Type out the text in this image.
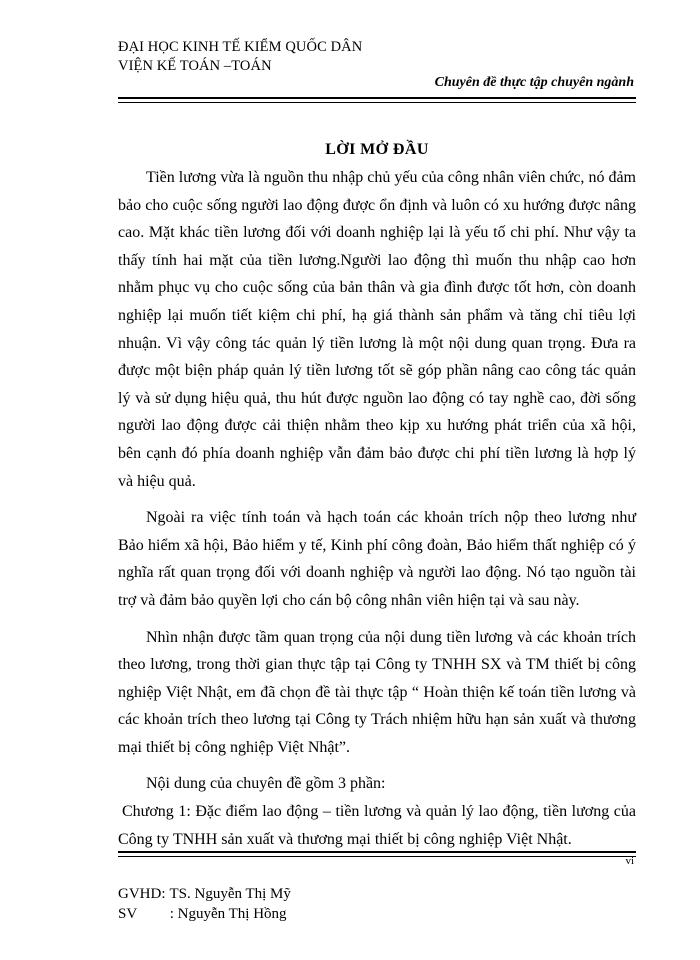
ĐẠI HỌC KINH TẾ KIỂM QUỐC DÂN
VIỆN KẾ TOÁN –TOÁN
Chuyên đề thực tập chuyên ngành
LỜI MỞ ĐẦU

Tiền lương vừa là nguồn thu nhập chủ yếu của công nhân viên chức, nó đảm bảo cho cuộc sống người lao động được ổn định và luôn có xu hướng được nâng cao. Mặt khác tiền lương đối với doanh nghiệp lại là yếu tố chi phí. Như vậy ta thấy tính hai mặt của tiền lương.Người lao động thì muốn thu nhập cao hơn nhằm phục vụ cho cuộc sống của bản thân và gia đình được tốt hơn, còn doanh nghiệp lại muốn tiết kiệm chi phí, hạ giá thành sản phẩm và tăng chỉ tiêu lợi nhuận. Vì vậy công tác quản lý tiền lương là một nội dung quan trọng. Đưa ra được một biện pháp quản lý tiền lương tốt sẽ góp phần nâng cao công tác quản lý và sử dụng hiệu quả, thu hút được nguồn lao động có tay nghề cao, đời sống người lao động được cải thiện nhằm theo kịp xu hướng phát triển của xã hội, bên cạnh đó phía doanh nghiệp vẫn đảm bảo được chi phí tiền lương là hợp lý và hiệu quả.

Ngoài ra việc tính toán và hạch toán các khoản trích nộp theo lương như Bảo hiểm xã hội, Bảo hiểm y tế, Kinh phí công đoàn, Bảo hiểm thất nghiệp có ý nghĩa rất quan trọng đối với doanh nghiệp và người lao động. Nó tạo nguồn tài trợ và đảm bảo quyền lợi cho cán bộ công nhân viên hiện tại và sau này.

Nhìn nhận được tầm quan trọng của nội dung tiền lương và các khoản trích theo lương, trong thời gian thực tập tại Công ty TNHH SX và TM thiết bị công nghiệp Việt Nhật, em đã chọn đề tài thực tập “ Hoàn thiện kế toán tiền lương và các khoản trích theo lương tại Công ty Trách nhiệm hữu hạn sản xuất và thương mại thiết bị công nghiệp Việt Nhật”.

Nội dung của chuyên đề gồm 3 phần:

Chương 1: Đặc điểm lao động – tiền lương và quản lý lao động, tiền lương của Công ty TNHH sản xuất và thương mại thiết bị công nghiệp Việt Nhật.

vi
GVHD: TS. Nguyễn Thị Mỹ
SV : Nguyễn Thị Hồng
